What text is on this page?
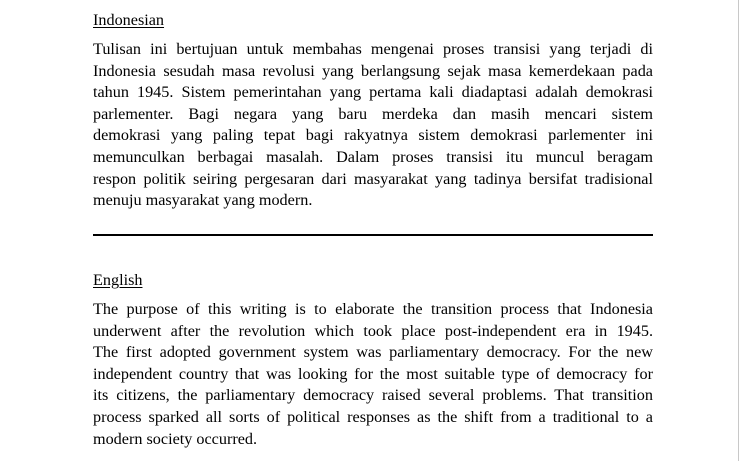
Indonesian

Tulisan ini bertujuan untuk membahas mengenai proses transisi yang terjadi di
Indonesia sesudah masa revolusi yang berlangsung sejak masa kemerdekaan pada
tahun 1945. Sistem pemerintahan yang pertama kali diadaptasi adalah demokrasi
parlementer. Bagi negara yang baru merdeka dan masih mencari sistem
demokrasi yang paling tepat bagi rakyatnya sistem demokrasi parlementer ini
memunculkan berbagai masalah. Dalam proses transisi itu muncul beragam
respon politik seiring pergesaran dari masyarakat yang tadinya bersifat tradisional
menuju masyarakat yang modern.

English

The purpose of this writing is to elaborate the transition process that Indonesia
underwent after the revolution which took place post-independent era in 1945.
The first adopted government system was parliamentary democracy. For the new
independent country that was looking for the most suitable type of democracy for
its citizens, the parliamentary democracy raised several problems. That transition
process sparked all sorts of political responses as the shift from a traditional to a
modern society occurred.
